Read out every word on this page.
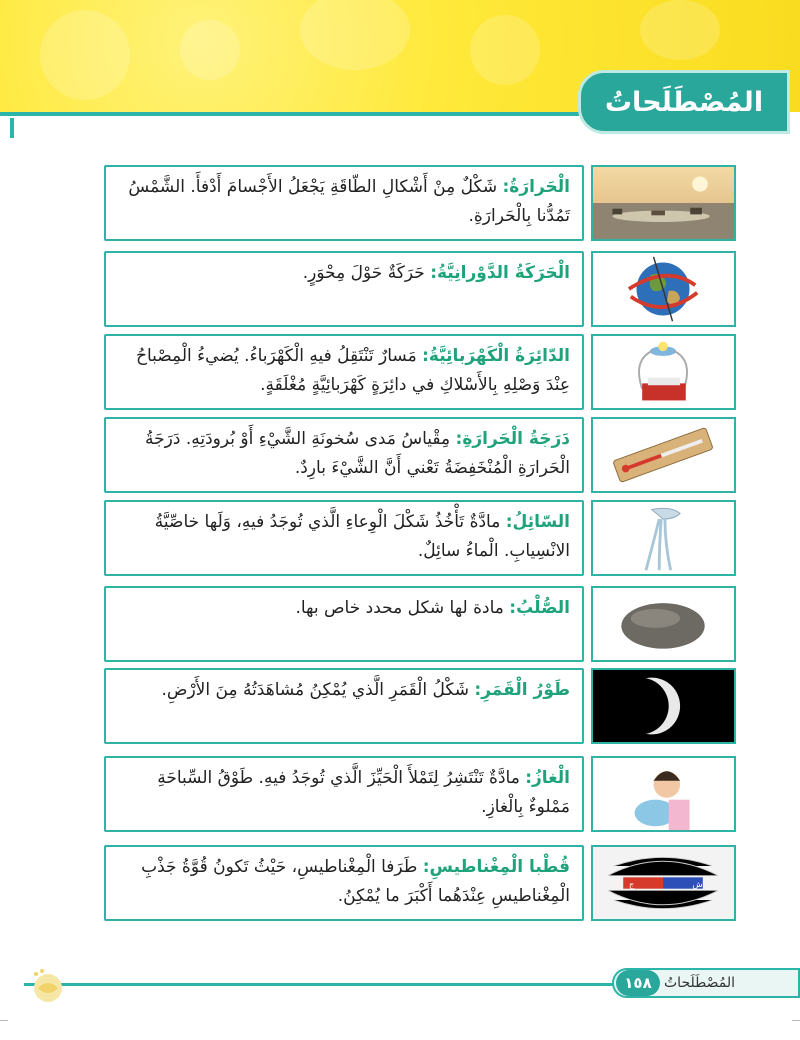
المُصْطَلَحاتُ
الْحَرارَةُ: شَكْلٌ مِنْ أَشْكالِ الطّاقَةِ يَجْعَلُ الأَجْسامَ أَدْفأَ. الشَّمْسُ تَمُدُّنا بِالْحَرارَةِ.
الْحَرَكَةُ الدَّوْرانِيَّةُ: حَرَكَةٌ حَوْلَ مِحْوَرٍ.
الدّائِرَةُ الْكَهْرَبائِيَّةُ: مَسارٌ تَنْتَقِلُ فيهِ الْكَهْرَباءُ. يُضيءُ الْمِصْباحُ عِنْدَ وَصْلِهِ بِالأَسْلاكِ في دائِرَةٍ كَهْرَبائِيَّةٍ مُغْلَقَةٍ.
دَرَجَةُ الْحَرارَةِ: مِقْياسُ مَدى سُخونَةِ الشَّيْءِ أَوْ بُرودَتِهِ. دَرَجَةُ الْحَرارَةِ الْمُنْخَفِضَةُ تَعْني أَنَّ الشَّيْءَ بارِدٌ.
السّائِلُ: مادَّةٌ تَأْخُذُ شَكْلَ الْوِعاءِ الَّذي تُوجَدُ فيهِ، وَلَها خاصِّيَّةُ الانْسِيابِ. الْماءُ سائِلٌ.
الصُّلْبُ: مادة لها شكل محدد خاص بها.
طَوْرُ الْقَمَرِ: شَكْلُ الْقَمَرِ الَّذي يُمْكِنُ مُشاهَدَتُهُ مِنَ الأَرْضِ.
الْغازُ: مادَّةٌ تَنْتَشِرُ لِتَمْلأَ الْحَيِّزَ الَّذي تُوجَدُ فيهِ. طَوْقُ السِّباحَةِ مَمْلوءٌ بِالْغازِ.
قُطْبا الْمِغْناطيسِ: طَرَفا الْمِغْناطيسِ، حَيْثُ تَكونُ قُوَّةُ جَذْبِ الْمِغْناطيسِ عِنْدَهُما أَكْبَرَ ما يُمْكِنُ.
ج	ش
١٥٨ المُصْطَلَحاتُ
